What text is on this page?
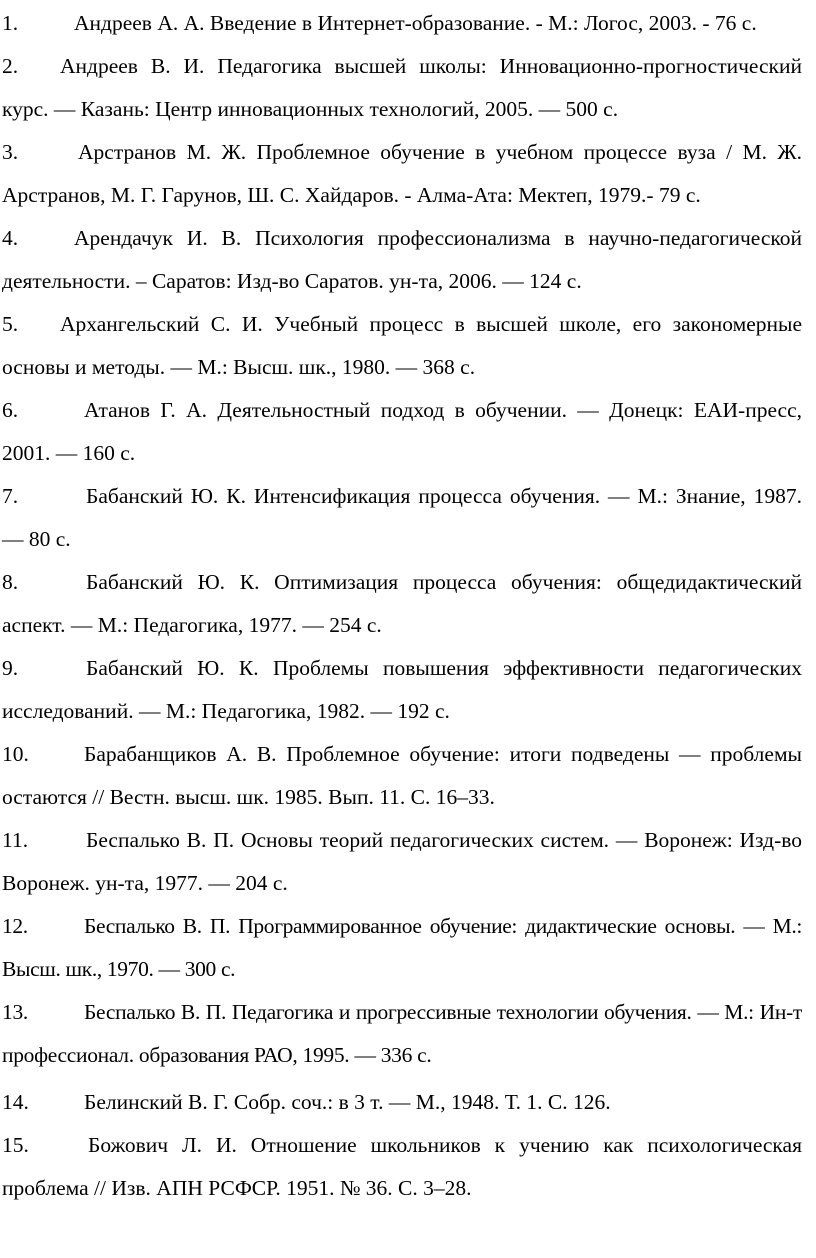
1.	Андреев А. А. Введение в Интернет-образование. - М.: Логос, 2003. - 76 с.
2. Андреев В. И. Педагогика высшей школы: Инновационно-прогностический курс. — Казань: Центр инновационных технологий, 2005. — 500 с.
3.	Арстранов М. Ж. Проблемное обучение в учебном процессе вуза / М. Ж. Арстранов, М. Г. Гарунов, Ш. С. Хайдаров. - Алма-Ата: Мектеп, 1979.- 79 с.
4.	Арендачук И. В. Психология профессионализма в научно-педагогической деятельности. – Саратов: Изд-во Саратов. ун-та, 2006. — 124 с.
5. Архангельский С. И. Учебный процесс в высшей школе, его закономерные основы и методы. — М.: Высш. шк., 1980. — 368 с.
6.	Атанов Г. А. Деятельностный подход в обучении. — Донецк: ЕАИ-пресс, 2001. — 160 с.
7.	Бабанский Ю. К. Интенсификация процесса обучения. — М.: Знание, 1987. — 80 с.
8.	Бабанский Ю. К. Оптимизация процесса обучения: общедидактический аспект. — М.: Педагогика, 1977. — 254 с.
9.	Бабанский Ю. К. Проблемы повышения эффективности педагогических исследований. — М.: Педагогика, 1982. — 192 с.
10.	Барабанщиков А. В. Проблемное обучение: итоги подведены — проблемы остаются // Вестн. высш. шк. 1985. Вып. 11. С. 16–33.
11.	Беспалько В. П. Основы теорий педагогических систем. — Воронеж: Изд-во Воронеж. ун-та, 1977. — 204 с.
12.	Беспалько В. П. Программированное обучение: дидактические основы. — М.: Высш. шк., 1970. — 300 с.
13.	Беспалько В. П. Педагогика и прогрессивные технологии обучения. — М.: Ин-т профессионал. образования РАО, 1995. — 336 с.
14.	Белинский В. Г. Собр. соч.: в 3 т. — М., 1948. Т. 1. С. 126.
15.	Божович Л. И. Отношение школьников к учению как психологическая проблема // Изв. АПН РСФСР. 1951. № 36. С. 3–28.
